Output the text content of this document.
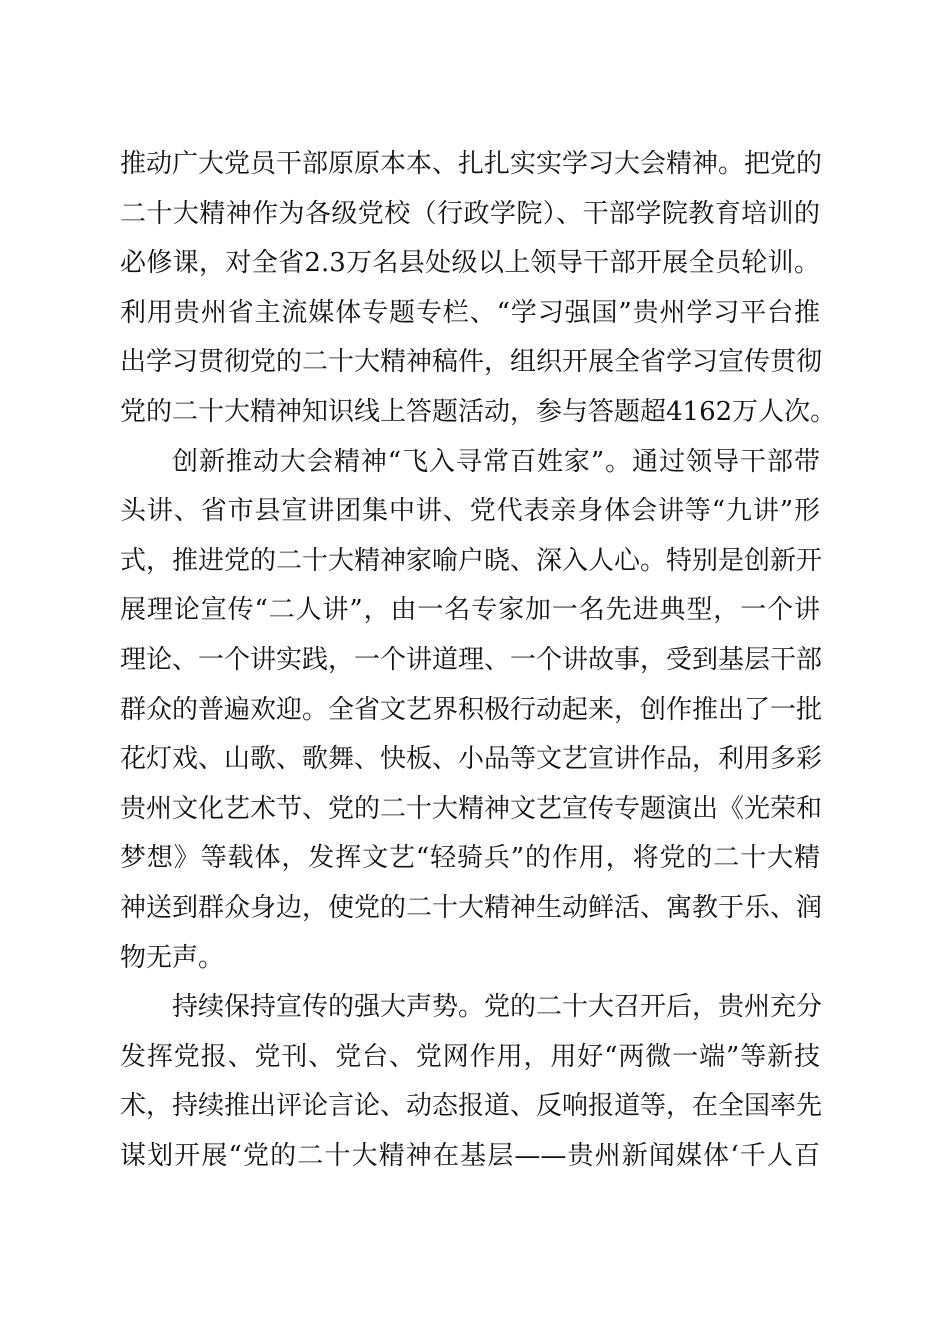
推动广大党员干部原原本本、扎扎实实学习大会精神。把党的
二十大精神作为各级党校（行政学院）、干部学院教育培训的
必修课，对全省2.3万名县处级以上领导干部开展全员轮训。
利用贵州省主流媒体专题专栏、“学习强国”贵州学习平台推
出学习贯彻党的二十大精神稿件，组织开展全省学习宣传贯彻
党的二十大精神知识线上答题活动，参与答题超4162万人次。
创新推动大会精神“飞入寻常百姓家”。通过领导干部带
头讲、省市县宣讲团集中讲、党代表亲身体会讲等“九讲”形
式，推进党的二十大精神家喻户晓、深入人心。特别是创新开
展理论宣传“二人讲”，由一名专家加一名先进典型，一个讲
理论、一个讲实践，一个讲道理、一个讲故事，受到基层干部
群众的普遍欢迎。全省文艺界积极行动起来，创作推出了一批
花灯戏、山歌、歌舞、快板、小品等文艺宣讲作品，利用多彩
贵州文化艺术节、党的二十大精神文艺宣传专题演出《光荣和
梦想》等载体，发挥文艺“轻骑兵”的作用，将党的二十大精
神送到群众身边，使党的二十大精神生动鲜活、寓教于乐、润
物无声。
持续保持宣传的强大声势。党的二十大召开后，贵州充分
发挥党报、党刊、党台、党网作用，用好“两微一端”等新技
术，持续推出评论言论、动态报道、反响报道等，在全国率先
谋划开展“党的二十大精神在基层——贵州新闻媒体‘千人百
